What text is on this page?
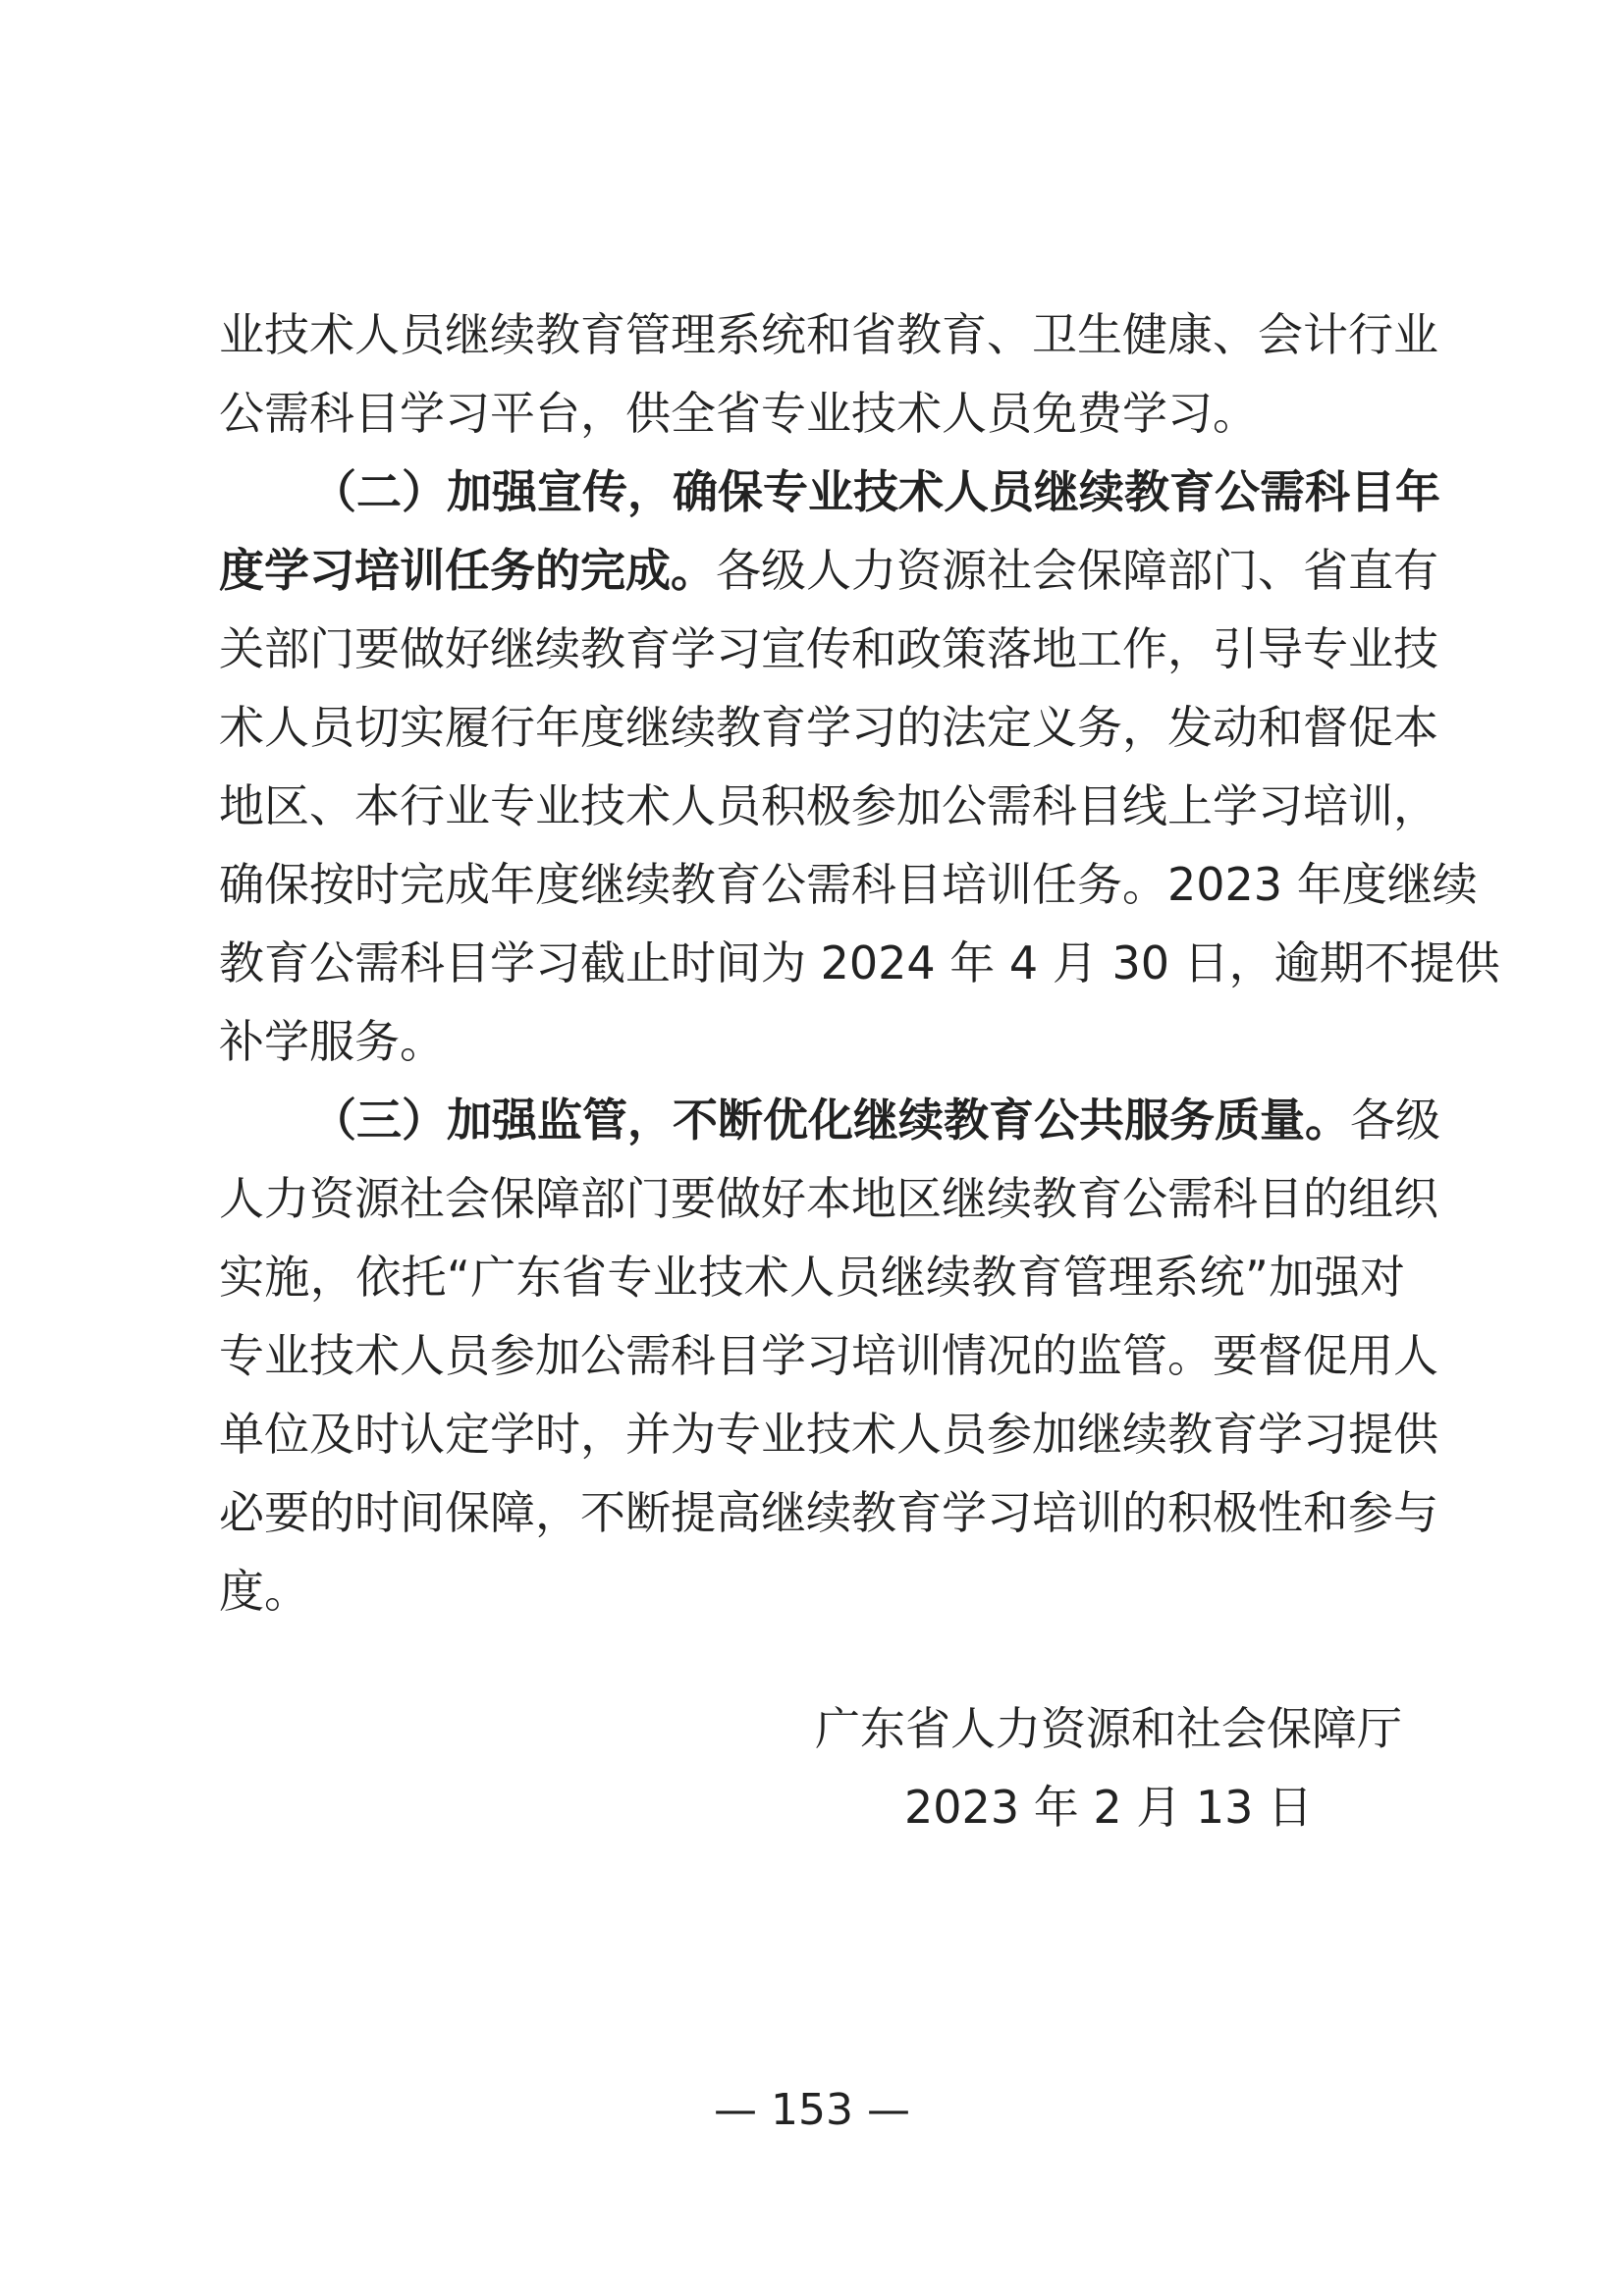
业技术人员继续教育管理系统和省教育、卫生健康、会计行业
公需科目学习平台，供全省专业技术人员免费学习。
（二）加强宣传，确保专业技术人员继续教育公需科目年
度学习培训任务的完成。各级人力资源社会保障部门、省直有
关部门要做好继续教育学习宣传和政策落地工作，引导专业技
术人员切实履行年度继续教育学习的法定义务，发动和督促本
地区、本行业专业技术人员积极参加公需科目线上学习培训，
确保按时完成年度继续教育公需科目培训任务。2023 年度继续
教育公需科目学习截止时间为 2024 年 4 月 30 日，逾期不提供
补学服务。
（三）加强监管，不断优化继续教育公共服务质量。各级
人力资源社会保障部门要做好本地区继续教育公需科目的组织
实施，依托“广东省专业技术人员继续教育管理系统”加强对
专业技术人员参加公需科目学习培训情况的监管。要督促用人
单位及时认定学时，并为专业技术人员参加继续教育学习提供
必要的时间保障，不断提高继续教育学习培训的积极性和参与
度。
广东省人力资源和社会保障厅
2023 年 2 月 13 日
— 153 —
